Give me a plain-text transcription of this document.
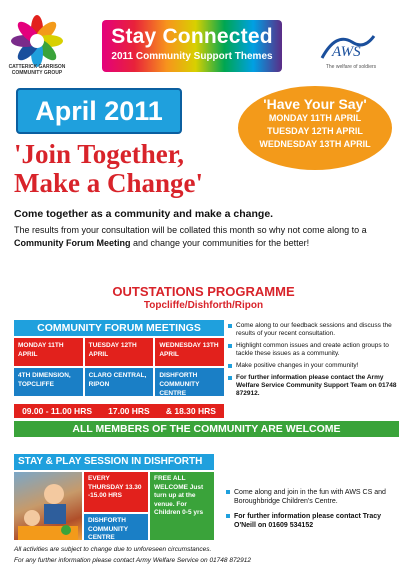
CATTERICK GARRISON COMMUNITY GROUP
Stay Connected
2011 Community Support Themes	AWS
The welfare of soldiers
April 2011	'Have Your Say'
MONDAY 11TH APRIL
TUESDAY 12TH APRIL
WEDNESDAY 13TH APRIL
'Join Together,
Make a Change'
Come together as a community and make a change.
The results from your consultation will be collated this month so why not come along to a Community Forum Meeting and change your communities for the better!
OUTSTATIONS PROGRAMME
Topcliffe/Dishforth/Ripon
COMMUNITY FORUM MEETINGS
MONDAY 11TH APRIL
TUESDAY 12TH APRIL
WEDNESDAY 13TH APRIL
4TH DIMENSION, TOPCLIFFE
CLARO CENTRAL, RIPON
DISHFORTH COMMUNITY CENTRE
09.00 - 11.00 HRS 17.00 HRS & 18.30 HRS
Come along to our feedback sessions and discuss the results of your recent consultation.
Highlight common issues and create action groups to tackle these issues as a community.
Make positive changes in your community!
For further information please contact the Army Welfare Service Community Support Team on 01748 872912.
ALL MEMBERS OF THE COMMUNITY ARE WELCOME
STAY & PLAY SESSION IN DISHFORTH
EVERY THURSDAY 13.30 -15.00 HRS
DISHFORTH COMMUNITY CENTRE
FREE ALL WELCOME Just turn up at the venue. For Children 0-5 yrs
Come along and join in the fun with AWS CS and Boroughbridge Children's Centre.
For further information please contact Tracy O'Neill on 01609 534152
All activities are subject to change due to unforeseen circumstances.
For any further information please contact Army Welfare Service on 01748 872912
